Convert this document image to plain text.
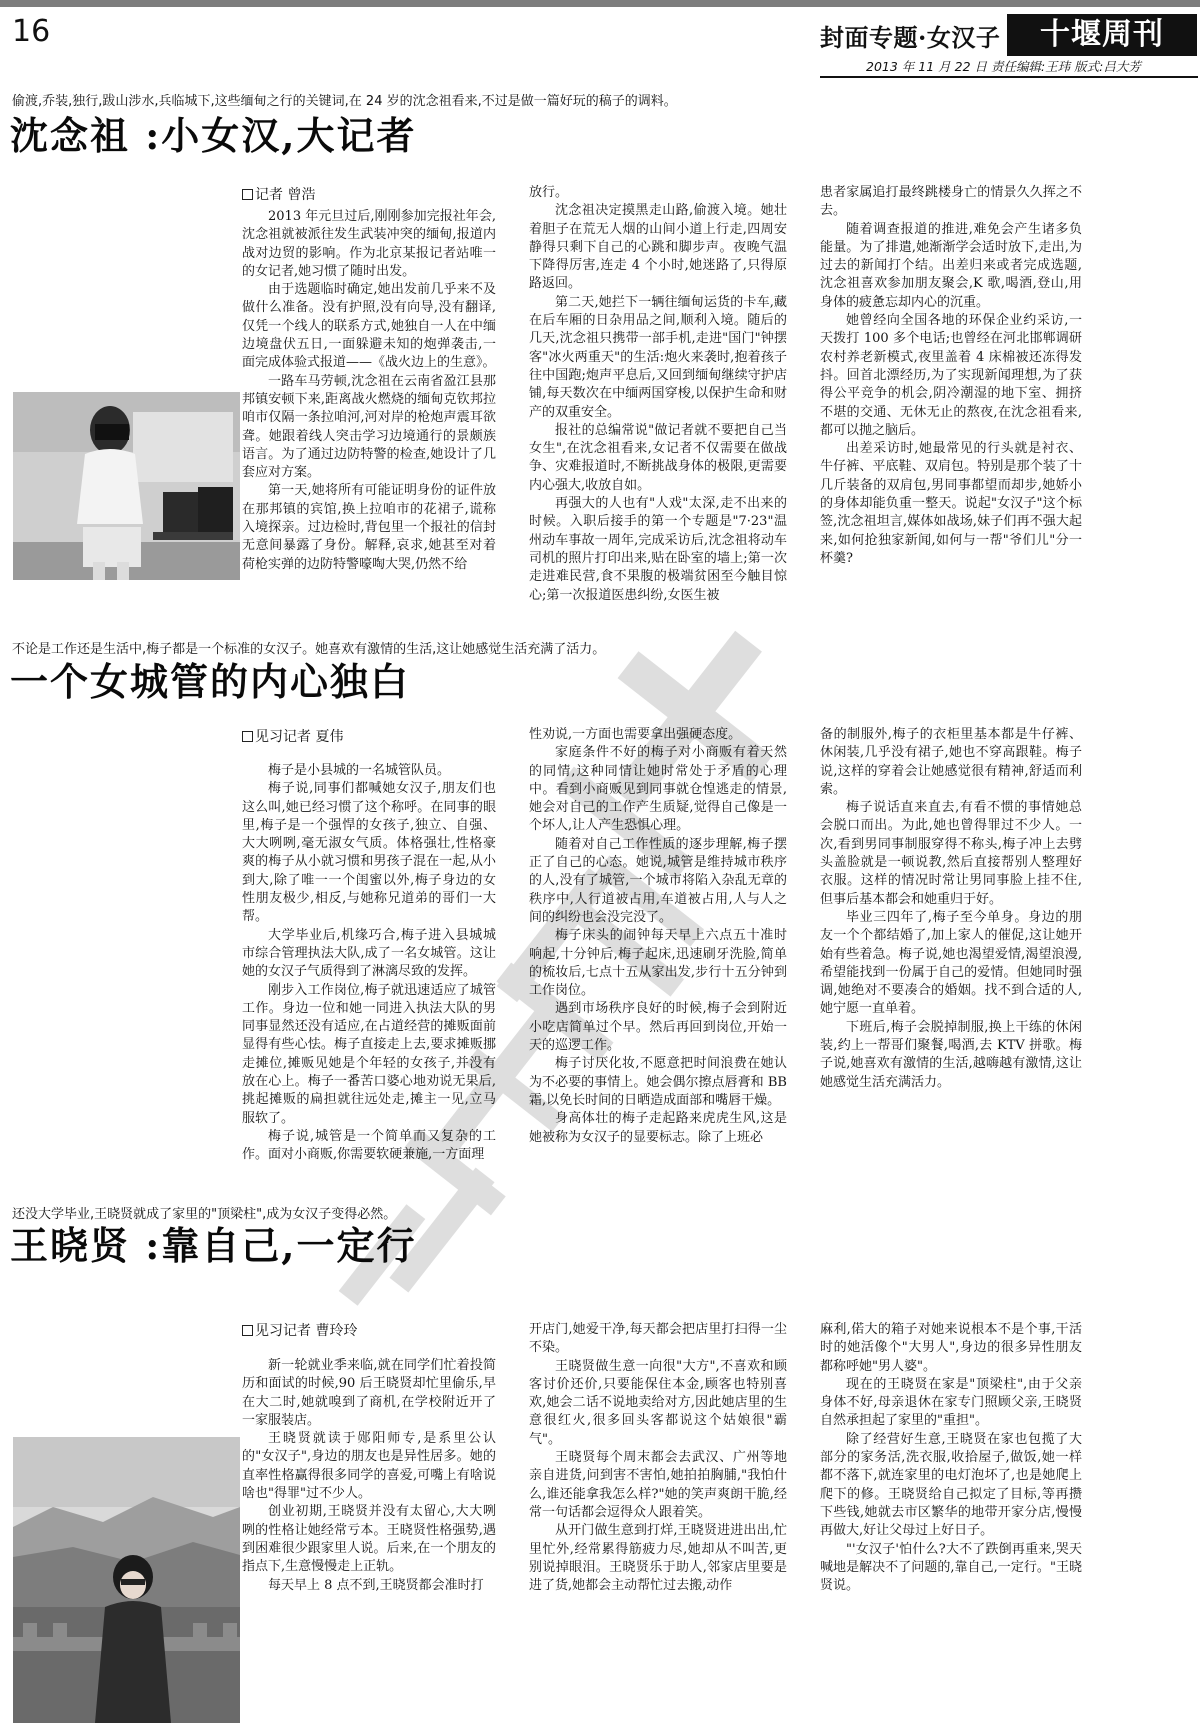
16	封面专题·女汉子	十堰周刊
2013 年 11 月 22 日 责任编辑:王玮 版式:吕大芳
偷渡,乔装,独行,跋山涉水,兵临城下,这些缅甸之行的关键词,在 24 岁的沈念祖看来,不过是做一篇好玩的稿子的调料。
沈念祖 :小女汉,大记者
记者 曾浩

2013 年元旦过后,刚刚参加完报社年会,沈念祖就被派往发生武装冲突的缅甸,报道内战对边贸的影响。作为北京某报记者站唯一的女记者,她习惯了随时出发。

由于选题临时确定,她出发前几乎来不及做什么准备。没有护照,没有向导,没有翻译,仅凭一个线人的联系方式,她独自一人在中缅边境盘伏五日,一面躲避未知的炮弹袭击,一面完成体验式报道——《战火边上的生意》。

一路车马劳顿,沈念祖在云南省盈江县那邦镇安顿下来,距离战火燃烧的缅甸克钦邦拉咱市仅隔一条拉咱河,河对岸的枪炮声震耳欲聋。她跟着线人突击学习边境通行的景颇族语言。为了通过边防特警的检查,她设计了几套应对方案。

第一天,她将所有可能证明身份的证件放在那邦镇的宾馆,换上拉咱市的花裙子,谎称入境探亲。过边检时,背包里一个报社的信封无意间暴露了身份。解释,哀求,她甚至对着荷枪实弹的边防特警嚎啕大哭,仍然不给

放行。

沈念祖决定摸黑走山路,偷渡入境。她壮着胆子在荒无人烟的山间小道上行走,四周安静得只剩下自己的心跳和脚步声。夜晚气温下降得厉害,连走 4 个小时,她迷路了,只得原路返回。

第二天,她拦下一辆往缅甸运货的卡车,藏在后车厢的日杂用品之间,顺利入境。随后的几天,沈念祖只携带一部手机,走进"国门"钟摆客"冰火两重天"的生活:炮火来袭时,抱着孩子往中国跑;炮声平息后,又回到缅甸继续守护店铺,每天数次在中缅两国穿梭,以保护生命和财产的双重安全。

报社的总编常说"做记者就不要把自己当女生",在沈念祖看来,女记者不仅需要在做战争、灾难报道时,不断挑战身体的极限,更需要内心强大,收放自如。

再强大的人也有"人戏"太深,走不出来的时候。入职后接手的第一个专题是"7·23"温州动车事故一周年,完成采访后,沈念祖将动车司机的照片打印出来,贴在卧室的墙上;第一次走进难民营,食不果腹的极端贫困至今触目惊心;第一次报道医患纠纷,女医生被

患者家属追打最终跳楼身亡的情景久久挥之不去。

随着调查报道的推进,难免会产生诸多负能量。为了排遣,她渐渐学会适时放下,走出,为过去的新闻打个结。出差归来或者完成选题,沈念祖喜欢参加朋友聚会,K 歌,喝酒,登山,用身体的疲惫忘却内心的沉重。

她曾经向全国各地的环保企业约采访,一天拨打 100 多个电话;也曾经在河北邯郸调研农村养老新模式,夜里盖着 4 床棉被还冻得发抖。回首北漂经历,为了实现新闻理想,为了获得公平竞争的机会,阴冷潮湿的地下室、拥挤不堪的交通、无休无止的熬夜,在沈念祖看来,都可以抛之脑后。

出差采访时,她最常见的行头就是衬衣、牛仔裤、平底鞋、双肩包。特别是那个装了十几斤装备的双肩包,男同事都望而却步,她娇小的身体却能负重一整天。说起"女汉子"这个标签,沈念祖坦言,媒体如战场,妹子们再不强大起来,如何抢独家新闻,如何与一帮"爷们儿"分一杯羹?

不论是工作还是生活中,梅子都是一个标准的女汉子。她喜欢有激情的生活,这让她感觉生活充满了活力。
一个女城管的内心独白
见习记者 夏伟

梅子是小县城的一名城管队员。

梅子说,同事们都喊她女汉子,朋友们也这么叫,她已经习惯了这个称呼。在同事的眼里,梅子是一个强悍的女孩子,独立、自强、大大咧咧,毫无淑女气质。体格强壮,性格豪爽的梅子从小就习惯和男孩子混在一起,从小到大,除了唯一一个闺蜜以外,梅子身边的女性朋友极少,相反,与她称兄道弟的哥们一大帮。

大学毕业后,机缘巧合,梅子进入县城城市综合管理执法大队,成了一名女城管。这让她的女汉子气质得到了淋漓尽致的发挥。

刚步入工作岗位,梅子就迅速适应了城管工作。身边一位和她一同进入执法大队的男同事显然还没有适应,在占道经营的摊贩面前显得有些心怯。梅子直接走上去,要求摊贩挪走摊位,摊贩见她是个年轻的女孩子,并没有放在心上。梅子一番苦口婆心地劝说无果后,挑起摊贩的扁担就往远处走,摊主一见,立马服软了。

梅子说,城管是一个简单而又复杂的工作。面对小商贩,你需要软硬兼施,一方面理

性劝说,一方面也需要拿出强硬态度。

家庭条件不好的梅子对小商贩有着天然的同情,这种同情让她时常处于矛盾的心理中。看到小商贩见到同事就仓惶逃走的情景,她会对自己的工作产生质疑,觉得自己像是一个坏人,让人产生恐惧心理。

随着对自己工作性质的逐步理解,梅子摆正了自己的心态。她说,城管是维持城市秩序的人,没有了城管,一个城市将陷入杂乱无章的秩序中,人行道被占用,车道被占用,人与人之间的纠纷也会没完没了。

梅子床头的闹钟每天早上六点五十准时响起,十分钟后,梅子起床,迅速刷牙洗脸,简单的梳妆后,七点十五从家出发,步行十五分钟到工作岗位。

遇到市场秩序良好的时候,梅子会到附近小吃店简单过个早。然后再回到岗位,开始一天的巡逻工作。

梅子讨厌化妆,不愿意把时间浪费在她认为不必要的事情上。她会偶尔擦点唇膏和 BB 霜,以免长时间的日晒造成面部和嘴唇干燥。

身高体壮的梅子走起路来虎虎生风,这是她被称为女汉子的显要标志。除了上班必

备的制服外,梅子的衣柜里基本都是牛仔裤、休闲装,几乎没有裙子,她也不穿高跟鞋。梅子说,这样的穿着会让她感觉很有精神,舒适而利索。

梅子说话直来直去,有看不惯的事情她总会脱口而出。为此,她也曾得罪过不少人。一次,看到男同事制服穿得不称头,梅子冲上去劈头盖脸就是一顿说教,然后直接帮别人整理好衣服。这样的情况时常让男同事脸上挂不住,但事后基本都会和她重归于好。

毕业三四年了,梅子至今单身。身边的朋友一个个都结婚了,加上家人的催促,这让她开始有些着急。梅子说,她也渴望爱情,渴望浪漫,希望能找到一份属于自己的爱情。但她同时强调,她绝对不要凑合的婚姻。找不到合适的人,她宁愿一直单着。

下班后,梅子会脱掉制服,换上干练的休闲装,约上一帮哥们聚餐,喝酒,去 KTV 拼歌。梅子说,她喜欢有激情的生活,越嗨越有激情,这让她感觉生活充满活力。

还没大学毕业,王晓贤就成了家里的"顶梁柱",成为女汉子变得必然。
王晓贤 :靠自己,一定行
见习记者 曹玲玲

新一轮就业季来临,就在同学们忙着投简历和面试的时候,90 后王晓贤却忙里偷乐,早在大二时,她就嗅到了商机,在学校附近开了一家服装店。

王晓贤就读于郧阳师专,是系里公认的"女汉子",身边的朋友也是异性居多。她的直率性格赢得很多同学的喜爱,可嘴上有啥说啥也"得罪"过不少人。

创业初期,王晓贤并没有太留心,大大咧咧的性格让她经常亏本。王晓贤性格强势,遇到困难很少跟家里人说。后来,在一个朋友的指点下,生意慢慢走上正轨。

每天早上 8 点不到,王晓贤都会准时打

开店门,她爱干净,每天都会把店里打扫得一尘不染。

王晓贤做生意一向很"大方",不喜欢和顾客讨价还价,只要能保住本金,顾客也特别喜欢,她会二话不说地卖给对方,因此她店里的生意很红火,很多回头客都说这个姑娘很"霸气"。

王晓贤每个周末都会去武汉、广州等地亲自进货,问到害不害怕,她拍拍胸脯,"我怕什么,谁还能拿我怎么样?"她的笑声爽朗干脆,经常一句话都会逗得众人跟着笑。

从开门做生意到打烊,王晓贤进进出出,忙里忙外,经常累得筋疲力尽,她却从不叫苦,更别说掉眼泪。王晓贤乐于助人,邻家店里要是进了货,她都会主动帮忙过去搬,动作

麻利,偌大的箱子对她来说根本不是个事,干活时的她活像个"大男人",身边的很多异性朋友都称呼她"男人婆"。

现在的王晓贤在家是"顶梁柱",由于父亲身体不好,母亲退休在家专门照顾父亲,王晓贤自然承担起了家里的"重担"。

除了经营好生意,王晓贤在家也包揽了大部分的家务活,洗衣服,收拾屋子,做饭,她一样都不落下,就连家里的电灯泡坏了,也是她爬上爬下的修。王晓贤给自己拟定了目标,等再攒下些钱,她就去市区繁华的地带开家分店,慢慢再做大,好让父母过上好日子。

"'女汉子'怕什么?大不了跌倒再重来,哭天喊地是解决不了问题的,靠自己,一定行。"王晓贤说。
